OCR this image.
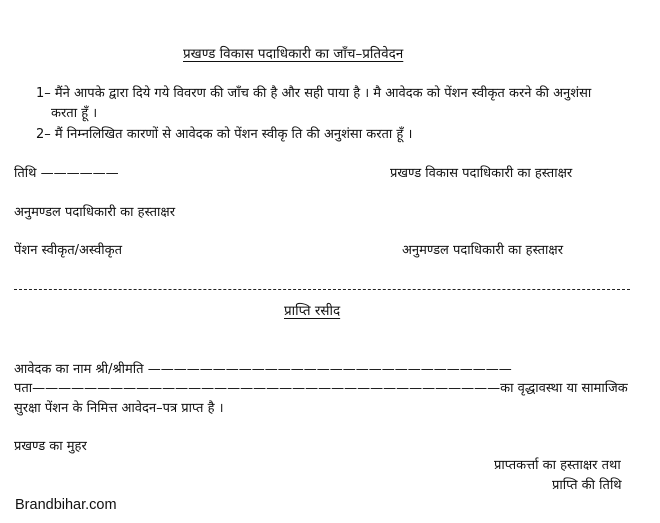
प्रखण्ड विकास पदाधिकारी का जाँच–प्रतिवेदन
1– मैंने आपके द्वारा दिये गये विवरण की जाँच की है और सही पाया है । मै आवेदक को पेंशन स्वीकृत करने की अनुशंसा
करता हूँ ।
2– मैं निम्नलिखित कारणों से आवेदक को पेंशन स्वीकृ ति की अनुशंसा करता हूँ ।
तिथि ——————	प्रखण्ड विकास पदाधिकारी का हस्ताक्षर
अनुमण्डल पदाधिकारी का हस्ताक्षर
पेंशन स्वीकृत/अस्वीकृत	अनुमण्डल पदाधिकारी का हस्ताक्षर
प्राप्ति रसीद
आवेदक का नाम श्री/श्रीमति ————————————————————————————
पता————————————————————————————————————का वृद्धावस्था या सामाजिक
सुरक्षा पेंशन के निमित्त आवेदन–पत्र प्राप्त है ।
प्रखण्ड का मुहर
प्राप्तकर्त्ता का हस्ताक्षर तथा
प्राप्ति की तिथि
Brandbihar.com
